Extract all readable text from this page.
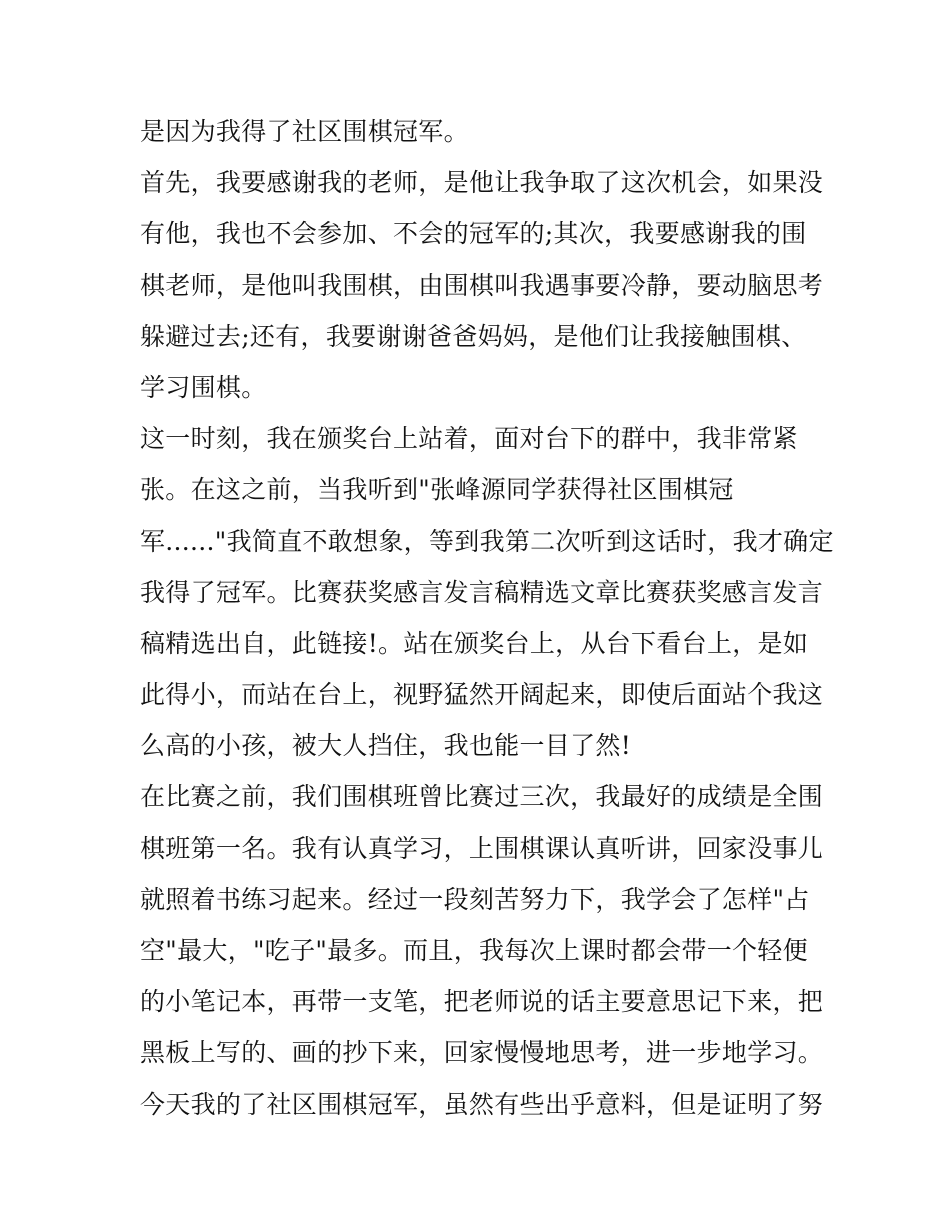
是因为我得了社区围棋冠军。
首先，我要感谢我的老师，是他让我争取了这次机会，如果没
有他，我也不会参加、不会的冠军的;其次，我要感谢我的围
棋老师，是他叫我围棋，由围棋叫我遇事要冷静，要动脑思考
躲避过去;还有，我要谢谢爸爸妈妈，是他们让我接触围棋、
学习围棋。
这一时刻，我在颁奖台上站着，面对台下的群中，我非常紧
张。在这之前，当我听到"张峰源同学获得社区围棋冠
军......"我简直不敢想象，等到我第二次听到这话时，我才确定
我得了冠军。比赛获奖感言发言稿精选文章比赛获奖感言发言
稿精选出自，此链接!。站在颁奖台上，从台下看台上，是如
此得小，而站在台上，视野猛然开阔起来，即使后面站个我这
么高的小孩，被大人挡住，我也能一目了然!
在比赛之前，我们围棋班曾比赛过三次，我最好的成绩是全围
棋班第一名。我有认真学习，上围棋课认真听讲，回家没事儿
就照着书练习起来。经过一段刻苦努力下，我学会了怎样"占
空"最大，"吃子"最多。而且，我每次上课时都会带一个轻便
的小笔记本，再带一支笔，把老师说的话主要意思记下来，把
黑板上写的、画的抄下来，回家慢慢地思考，进一步地学习。
今天我的了社区围棋冠军，虽然有些出乎意料，但是证明了努
